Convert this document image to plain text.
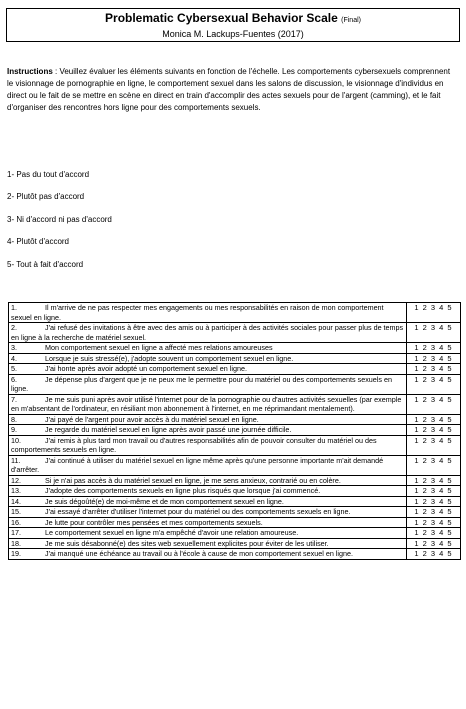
Problematic Cybersexual Behavior Scale (Final)
Monica M. Lackups-Fuentes (2017)

Instructions : Veuillez évaluer les éléments suivants en fonction de l'échelle. Les comportements cybersexuels comprennent le visionnage de pornographie en ligne, le comportement sexuel dans les salons de discussion, le visionnage d'individus en direct ou le fait de se mettre en scène en direct en train d'accomplir des actes sexuels pour de l'argent (camming), et le fait d'organiser des rencontres hors ligne pour des comportements sexuels.

1- Pas du tout d'accord
2- Plutôt pas d'accord
3- Ni d'accord ni pas d'accord
4- Plutôt d'accord
5- Tout à fait d'accord
1. Il m'arrive de ne pas respecter mes engagements ou mes responsabilités en raison de mon comportement sexuel en ligne.	1 2 3 4 5
2. J'ai refusé des invitations à être avec des amis ou à participer à des activités sociales pour passer plus de temps en ligne à la recherche de matériel sexuel.	1 2 3 4 5
3. Mon comportement sexuel en ligne a affecté mes relations amoureuses	1 2 3 4 5
4. Lorsque je suis stressé(e), j'adopte souvent un comportement sexuel en ligne.	1 2 3 4 5
5. J'ai honte après avoir adopté un comportement sexuel en ligne.	1 2 3 4 5
6. Je dépense plus d'argent que je ne peux me le permettre pour du matériel ou des comportements sexuels en ligne.	1 2 3 4 5
7. Je me suis puni après avoir utilisé l'internet pour de la pornographie ou d'autres activités sexuelles (par exemple en m'absentant de l'ordinateur, en résiliant mon abonnement à l'internet, en me réprimandant mentalement).	1 2 3 4 5
8. J'ai payé de l'argent pour avoir accès à du matériel sexuel en ligne.	1 2 3 4 5
9. Je regarde du matériel sexuel en ligne après avoir passé une journée difficile.	1 2 3 4 5
10. J'ai remis à plus tard mon travail ou d'autres responsabilités afin de pouvoir consulter du matériel ou des comportements sexuels en ligne.	1 2 3 4 5
11. J'ai continué à utiliser du matériel sexuel en ligne même après qu'une personne importante m'ait demandé d'arrêter.	1 2 3 4 5
12. Si je n'ai pas accès à du matériel sexuel en ligne, je me sens anxieux, contrarié ou en colère.	1 2 3 4 5
13. J'adopte des comportements sexuels en ligne plus risqués que lorsque j'ai commencé.	1 2 3 4 5
14. Je suis dégoûté(e) de moi-même et de mon comportement sexuel en ligne.	1 2 3 4 5
15. J'ai essayé d'arrêter d'utiliser l'internet pour du matériel ou des comportements sexuels en ligne.	1 2 3 4 5
16. Je lutte pour contrôler mes pensées et mes comportements sexuels.	1 2 3 4 5
17. Le comportement sexuel en ligne m'a empêché d'avoir une relation amoureuse.	1 2 3 4 5
18. Je me suis désabonné(e) des sites web sexuellement explicites pour éviter de les utiliser.	1 2 3 4 5
19. J'ai manqué une échéance au travail ou à l'école à cause de mon comportement sexuel en ligne.	1 2 3 4 5
